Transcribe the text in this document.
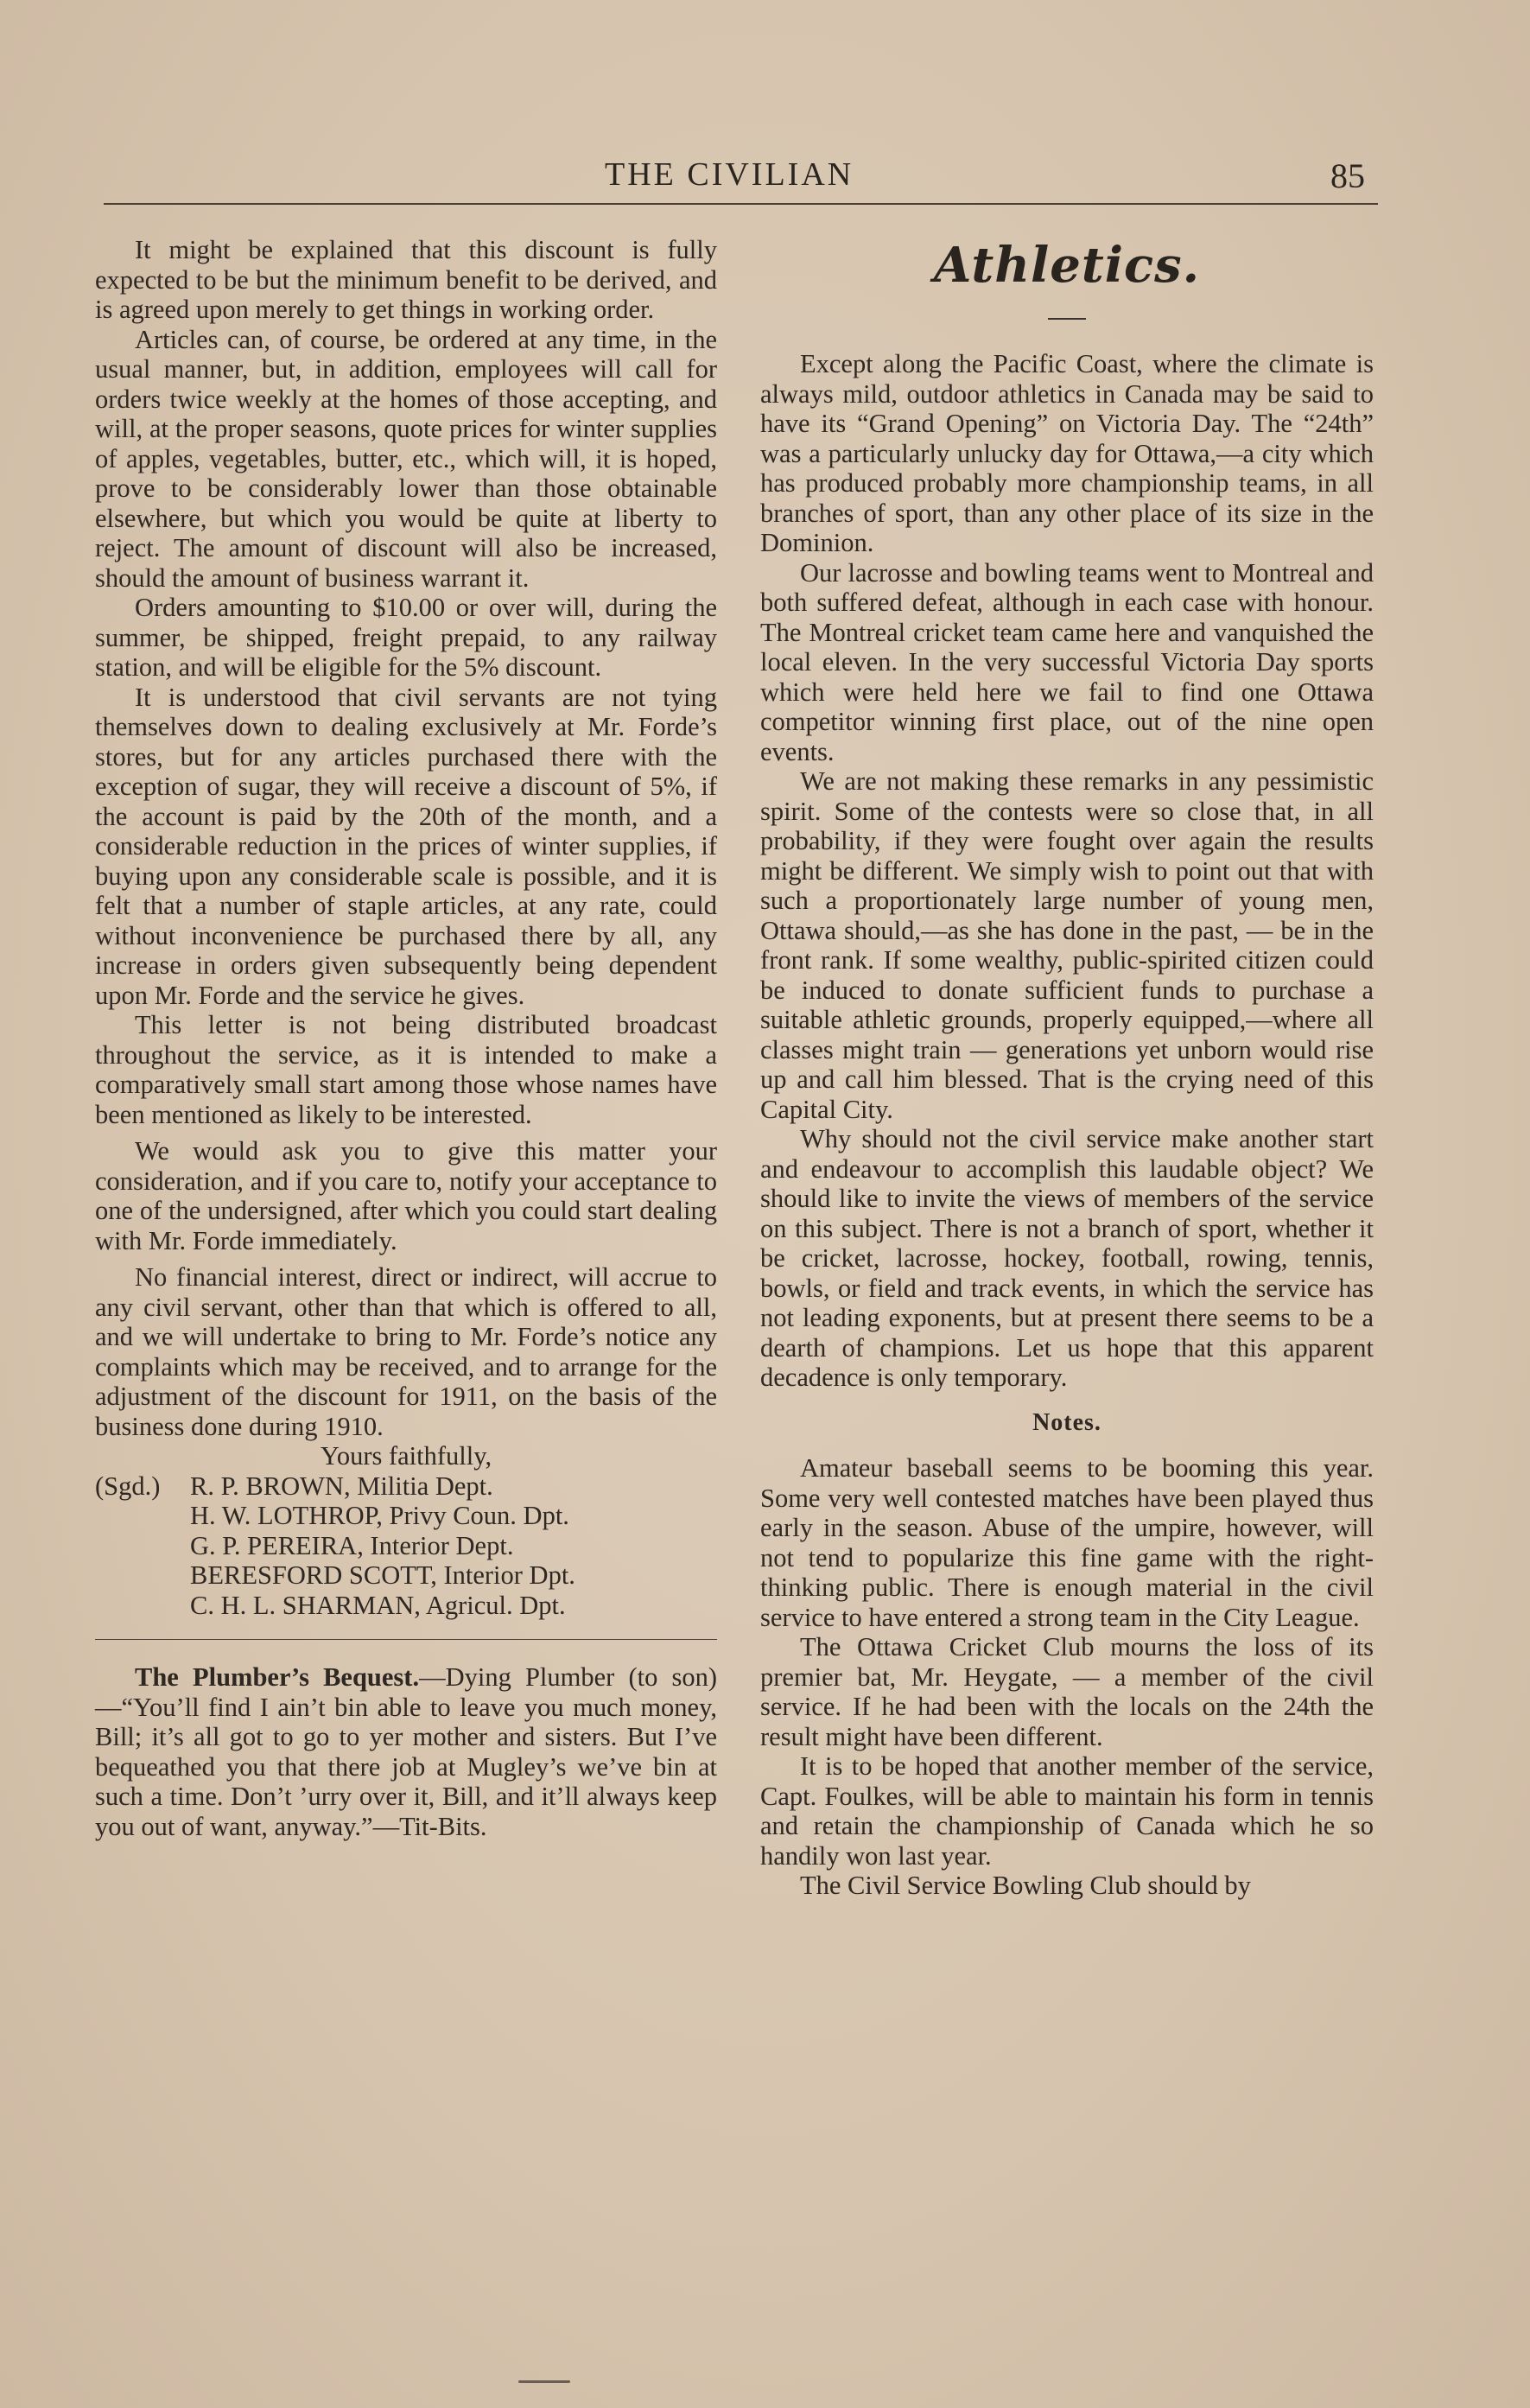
THE CIVILIAN	85

It might be explained that this discount is fully expected to be but the minimum benefit to be derived, and is agreed upon merely to get things in working order.

Articles can, of course, be ordered at any time, in the usual manner, but, in addition, employees will call for orders twice weekly at the homes of those accepting, and will, at the proper seasons, quote prices for winter supplies of apples, vegetables, butter, etc., which will, it is hoped, prove to be considerably lower than those obtainable elsewhere, but which you would be quite at liberty to reject. The amount of discount will also be increased, should the amount of business warrant it.

Orders amounting to $10.00 or over will, during the summer, be shipped, freight prepaid, to any railway station, and will be eligible for the 5% discount.

It is understood that civil servants are not tying themselves down to dealing exclusively at Mr. Forde’s stores, but for any articles purchased there with the exception of sugar, they will receive a discount of 5%, if the account is paid by the 20th of the month, and a considerable reduction in the prices of winter supplies, if buying upon any considerable scale is possible, and it is felt that a number of staple articles, at any rate, could without inconvenience be purchased there by all, any increase in orders given subsequently being dependent upon Mr. Forde and the service he gives.

This letter is not being distributed broadcast throughout the service, as it is intended to make a comparatively small start among those whose names have been mentioned as likely to be interested.

We would ask you to give this matter your consideration, and if you care to, notify your acceptance to one of the undersigned, after which you could start dealing with Mr. Forde immediately.

No financial interest, direct or indirect, will accrue to any civil servant, other than that which is offered to all, and we will undertake to bring to Mr. Forde’s notice any complaints which may be received, and to arrange for the adjustment of the discount for 1911, on the basis of the business done during 1910.

Yours faithfully,

(Sgd.)	R. P. BROWN, Militia Dept.
H. W. LOTHROP, Privy Coun. Dpt.
G. P. PEREIRA, Interior Dept.
BERESFORD SCOTT, Interior Dpt.
C. H. L. SHARMAN, Agricul. Dpt.

The Plumber’s Bequest.—Dying Plumber (to son)—“You’ll find I ain’t bin able to leave you much money, Bill; it’s all got to go to yer mother and sisters. But I’ve bequeathed you that there job at Mugley’s we’ve bin at such a time. Don’t ’urry over it, Bill, and it’ll always keep you out of want, anyway.”—Tit-Bits.

Athletics.

Except along the Pacific Coast, where the climate is always mild, outdoor athletics in Canada may be said to have its “Grand Opening” on Victoria Day. The “24th” was a particularly unlucky day for Ottawa,—a city which has produced probably more championship teams, in all branches of sport, than any other place of its size in the Dominion.

Our lacrosse and bowling teams went to Montreal and both suffered defeat, although in each case with honour. The Montreal cricket team came here and vanquished the local eleven. In the very successful Victoria Day sports which were held here we fail to find one Ottawa competitor winning first place, out of the nine open events.

We are not making these remarks in any pessimistic spirit. Some of the contests were so close that, in all probability, if they were fought over again the results might be different. We simply wish to point out that with such a proportionately large number of young men, Ottawa should,—as she has done in the past, — be in the front rank. If some wealthy, public-spirited citizen could be induced to donate sufficient funds to purchase a suitable athletic grounds, properly equipped,—where all classes might train — generations yet unborn would rise up and call him blessed. That is the crying need of this Capital City.

Why should not the civil service make another start and endeavour to accomplish this laudable object? We should like to invite the views of members of the service on this subject. There is not a branch of sport, whether it be cricket, lacrosse, hockey, football, rowing, tennis, bowls, or field and track events, in which the service has not leading exponents, but at present there seems to be a dearth of champions. Let us hope that this apparent decadence is only temporary.

Notes.

Amateur baseball seems to be booming this year. Some very well contested matches have been played thus early in the season. Abuse of the umpire, however, will not tend to popularize this fine game with the right-thinking public. There is enough material in the civil service to have entered a strong team in the City League.

The Ottawa Cricket Club mourns the loss of its premier bat, Mr. Heygate, — a member of the civil service. If he had been with the locals on the 24th the result might have been different.

It is to be hoped that another member of the service, Capt. Foulkes, will be able to maintain his form in tennis and retain the championship of Canada which he so handily won last year.

The Civil Service Bowling Club should by
